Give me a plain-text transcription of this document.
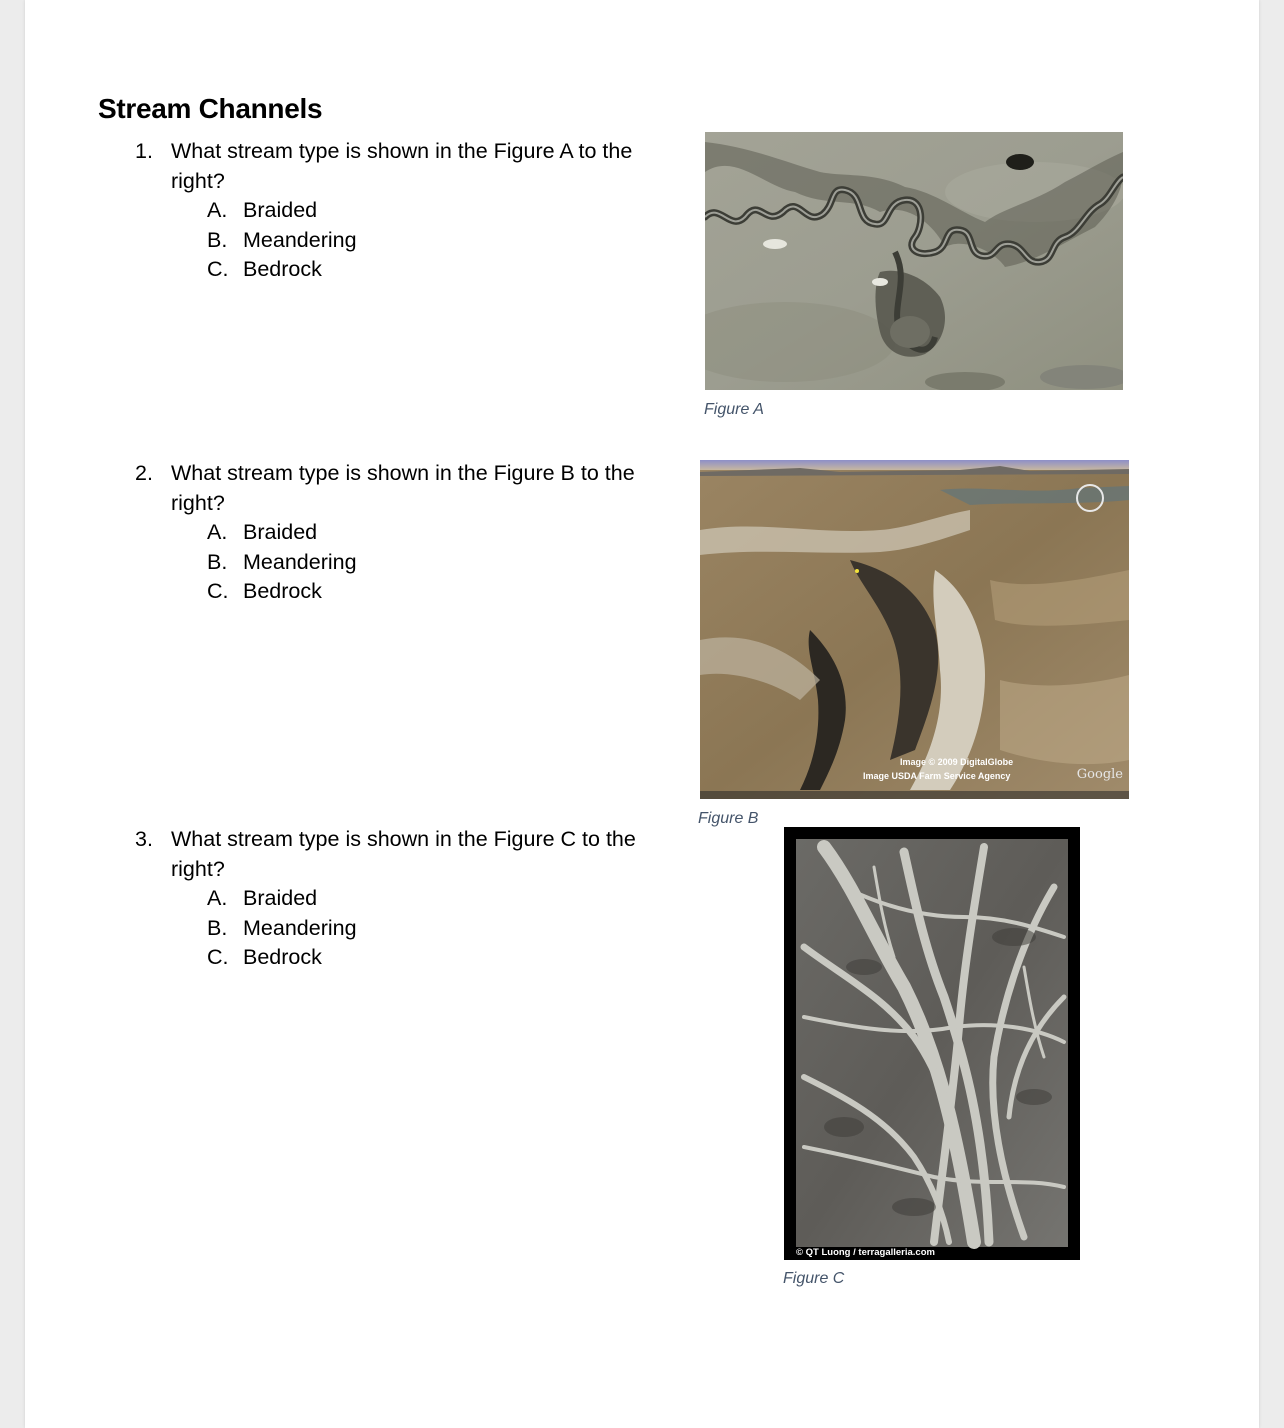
Stream Channels
1. What stream type is shown in the Figure A to the right?
A. Braided
B. Meandering
C. Bedrock
2. What stream type is shown in the Figure B to the right?
A. Braided
B. Meandering
C. Bedrock
3. What stream type is shown in the Figure C to the right?
A. Braided
B. Meandering
C. Bedrock
Figure A
Image © 2009 DigitalGlobe
Image USDA Farm Service Agency	Google
Figure B
© QT Luong / terragalleria.com
Figure C
